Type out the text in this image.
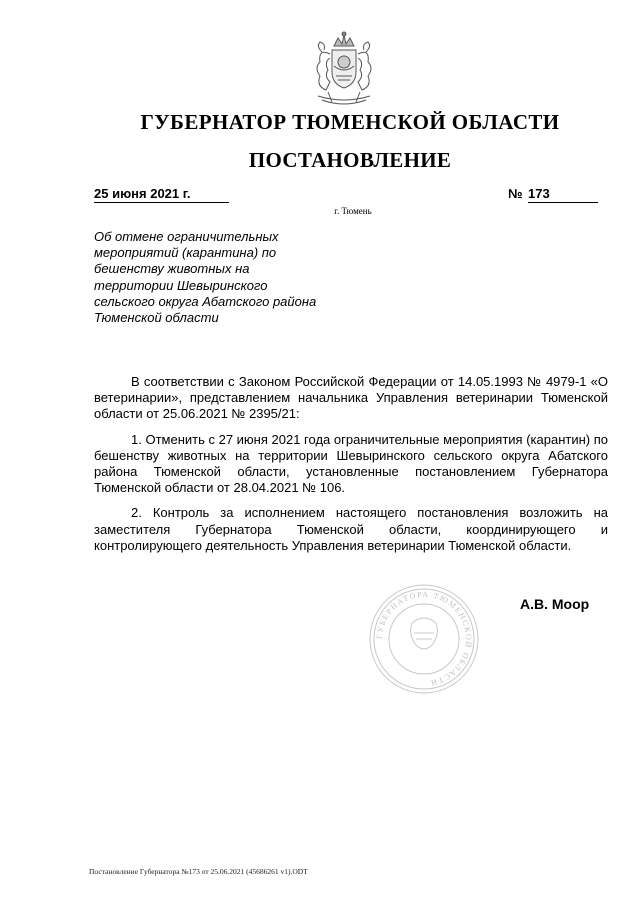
ГУБЕРНАТОР ТЮМЕНСКОЙ ОБЛАСТИ
ПОСТАНОВЛЕНИЕ
25 июня 2021 г.	№ 173
г. Тюмень
Об отмене ограничительных
мероприятий (карантина) по
бешенству животных на
территории Шевыринского
сельского округа Абатского района
Тюменской области

В соответствии с Законом Российской Федерации от 14.05.1993 № 4979-1 «О ветеринарии», представлением начальника Управления ветеринарии Тюменской области от 25.06.2021 № 2395/21:

1. Отменить с 27 июня 2021 года ограничительные мероприятия (карантин) по бешенству животных на территории Шевыринского сельского округа Абатского района Тюменской области, установленные постановлением Губернатора Тюменской области от 28.04.2021 № 106.

2. Контроль за исполнением настоящего постановления возложить на заместителя Губернатора Тюменской области, координирующего и контролирующего деятельность Управления ветеринарии Тюменской области.

ГУБЕРНАТОРА ТЮМЕНСКОЙ ОБЛАСТИ
А.В. Моор
Постановление Губернатора №173 от 25.06.2021 (45686261 v1).ODT
